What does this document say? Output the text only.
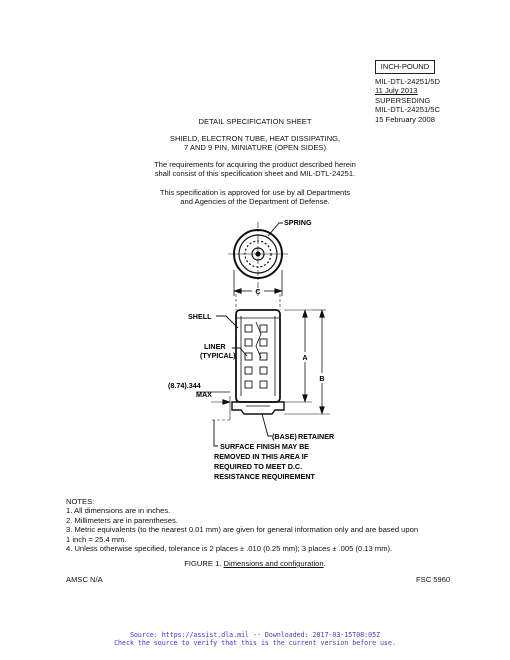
INCH-POUND
MIL-DTL-24251/5D
11 July 2013
SUPERSEDING
MIL-DTL-24251/5C
15 February 2008
DETAIL SPECIFICATION SHEET
SHIELD, ELECTRON TUBE, HEAT DISSIPATING,
7 AND 9 PIN, MINIATURE (OPEN SIDES)
The requirements for acquiring the product described herein
shall consist of this specification sheet and MIL-DTL-24251.
This specification is approved for use by all Departments
and Agencies of the Department of Defense.
SPRING
C
SHELL
LINER
(TYPICAL)	A
B
(8.74).344
MAX
(BASE) RETAINER
SURFACE FINISH MAY BE
REMOVED IN THIS AREA IF
REQUIRED TO MEET D.C.
RESISTANCE REQUIREMENT
NOTES:
1. All dimensions are in inches.
2. Millimeters are in parentheses.
3. Metric equivalents (to the nearest 0.01 mm) are given for general information only and are based upon
1 inch = 25.4 mm.
4. Unless otherwise specified, tolerance is 2 places ± .010 (0.25 mm); 3 places ± .005 (0.13 mm).
FIGURE 1. Dimensions and configuration.
AMSC N/A	FSC 5960
Source: https://assist.dla.mil -- Downloaded: 2017-03-15T08:05Z
Check the source to verify that this is the current version before use.
